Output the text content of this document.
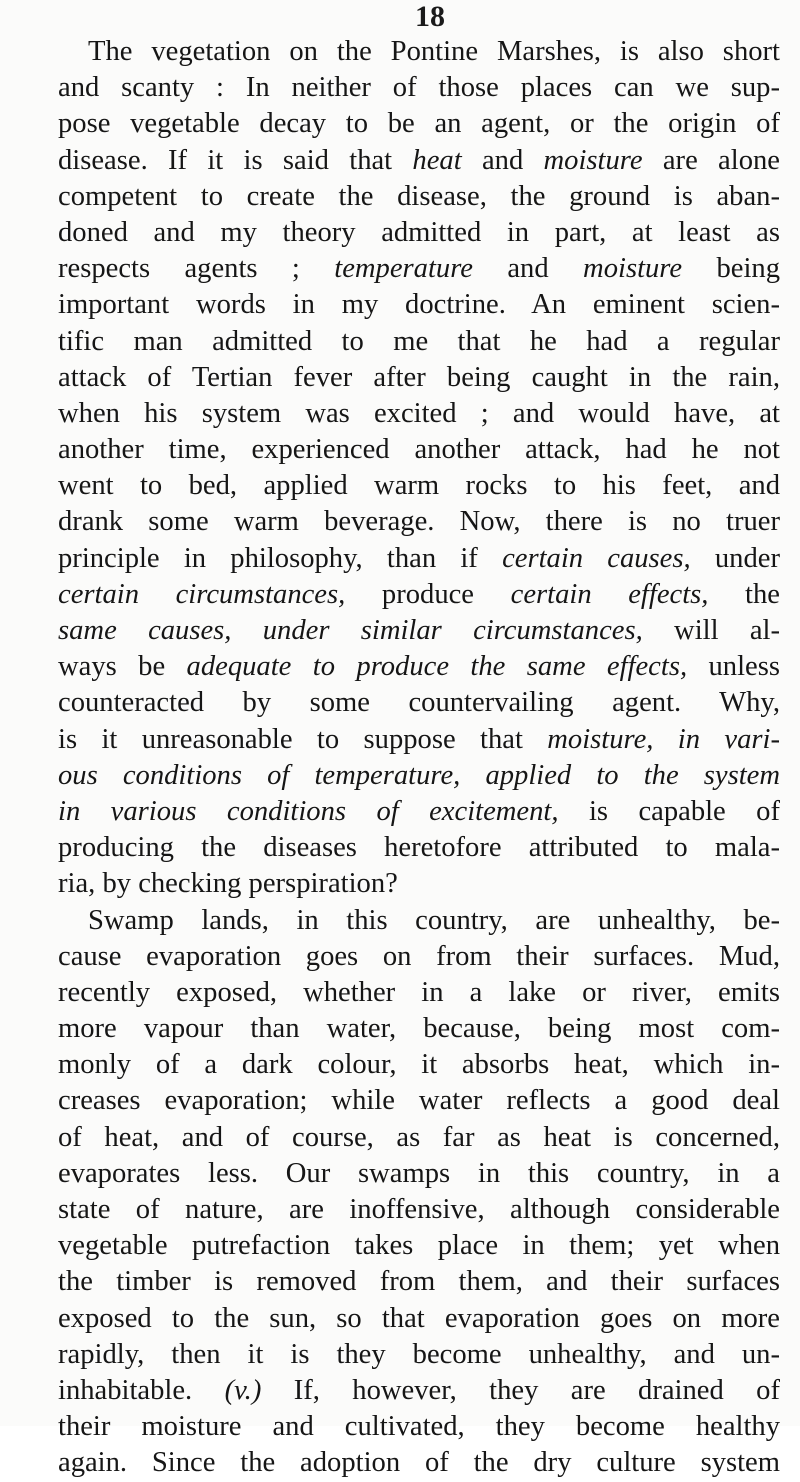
18
The vegetation on the Pontine Marshes, is also short
and scanty : In neither of those places can we sup-
pose vegetable decay to be an agent, or the origin of
disease. If it is said that heat and moisture are alone
competent to create the disease, the ground is aban-
doned and my theory admitted in part, at least as
respects agents ; temperature and moisture being
important words in my doctrine. An eminent scien-
tific man admitted to me that he had a regular
attack of Tertian fever after being caught in the rain,
when his system was excited ; and would have, at
another time, experienced another attack, had he not
went to bed, applied warm rocks to his feet, and
drank some warm beverage. Now, there is no truer
principle in philosophy, than if certain causes, under
certain circumstances, produce certain effects, the
same causes, under similar circumstances, will al-
ways be adequate to produce the same effects, unless
counteracted by some countervailing agent. Why,
is it unreasonable to suppose that moisture, in vari-
ous conditions of temperature, applied to the system
in various conditions of excitement, is capable of
producing the diseases heretofore attributed to mala-
ria, by checking perspiration?
Swamp lands, in this country, are unhealthy, be-
cause evaporation goes on from their surfaces. Mud,
recently exposed, whether in a lake or river, emits
more vapour than water, because, being most com-
monly of a dark colour, it absorbs heat, which in-
creases evaporation; while water reflects a good deal
of heat, and of course, as far as heat is concerned,
evaporates less. Our swamps in this country, in a
state of nature, are inoffensive, although considerable
vegetable putrefaction takes place in them; yet when
the timber is removed from them, and their surfaces
exposed to the sun, so that evaporation goes on more
rapidly, then it is they become unhealthy, and un-
inhabitable. (v.) If, however, they are drained of
their moisture and cultivated, they become healthy
again. Since the adoption of the dry culture system
